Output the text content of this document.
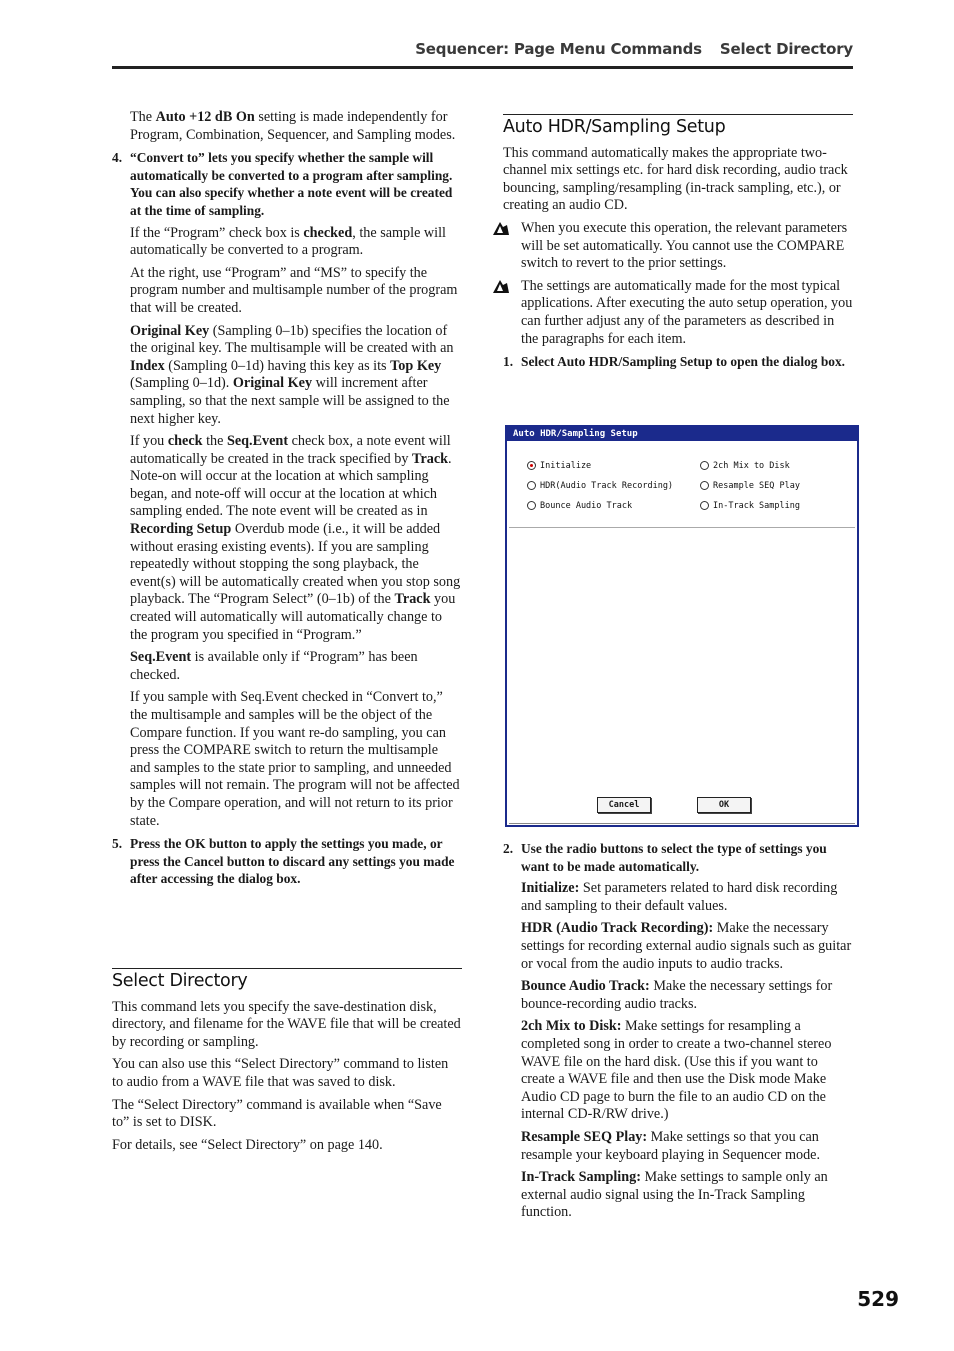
Sequencer: Page Menu Commands Select Directory

The Auto +12 dB On setting is made independently for Program, Combination, Sequencer, and Sampling modes.

4. “Convert to” lets you specify whether the sample will automatically be converted to a program after sampling. You can also specify whether a note event will be created at the time of sampling.

If the “Program” check box is checked, the sample will automatically be converted to a program.

At the right, use “Program” and “MS” to specify the program number and multisample number of the program that will be created.

Original Key (Sampling 0–1b) specifies the location of the original key. The multisample will be created with an Index (Sampling 0–1d) having this key as its Top Key (Sampling 0–1d). Original Key will increment after sampling, so that the next sample will be assigned to the next higher key.

If you check the Seq.Event check box, a note event will automatically be created in the track specified by Track. Note-on will occur at the location at which sampling began, and note-off will occur at the location at which sampling ended. The note event will be created as in Recording Setup Overdub mode (i.e., it will be added without erasing existing events). If you are sampling repeatedly without stopping the song playback, the event(s) will be automatically created when you stop song playback. The “Program Select” (0–1b) of the Track you created will automatically will automatically change to the program you specified in “Program.”

Seq.Event is available only if “Program” has been checked.

If you sample with Seq.Event checked in “Convert to,” the multisample and samples will be the object of the Compare function. If you want re-do sampling, you can press the COMPARE switch to return the multisample and samples to the state prior to sampling, and unneeded samples will not remain. The program will not be affected by the Compare operation, and will not return to its prior state.

5. Press the OK button to apply the settings you made, or press the Cancel button to discard any settings you made after accessing the dialog box.
Select Directory

This command lets you specify the save-destination disk, directory, and filename for the WAVE file that will be created by recording or sampling.

You can also use this “Select Directory” command to listen to audio from a WAVE file that was saved to disk.

The “Select Directory” command is available when “Save to” is set to DISK.

For details, see “Select Directory” on page 140.

Auto HDR/Sampling Setup

This command automatically makes the appropriate two-channel mix settings etc. for hard disk recording, audio track bouncing, sampling/resampling (in-track sampling, etc.), or creating an audio CD.

When you execute this operation, the relevant parameters will be set automatically. You cannot use the COMPARE switch to revert to the prior settings.
The settings are automatically made for the most typical applications. After executing the auto setup operation, you can further adjust any of the parameters as described in the paragraphs for each item.
1. Select Auto HDR/Sampling Setup to open the dialog box.
Auto HDR/Sampling Setup
Initialize
HDR(Audio Track Recording)
Bounce Audio Track
2ch Mix to Disk
Resample SEQ Play
In-Track Sampling
Cancel	OK
2. Use the radio buttons to select the type of settings you want to be made automatically.

Initialize: Set parameters related to hard disk recording and sampling to their default values.

HDR (Audio Track Recording): Make the necessary settings for recording external audio signals such as guitar or vocal from the audio inputs to audio tracks.

Bounce Audio Track: Make the necessary settings for bounce-recording audio tracks.

2ch Mix to Disk: Make settings for resampling a completed song in order to create a two-channel stereo WAVE file on the hard disk. (Use this if you want to create a WAVE file and then use the Disk mode Make Audio CD page to burn the file to an audio CD on the internal CD-R/RW drive.)

Resample SEQ Play: Make settings so that you can resample your keyboard playing in Sequencer mode.

In-Track Sampling: Make settings to sample only an external audio signal using the In-Track Sampling function.

529
